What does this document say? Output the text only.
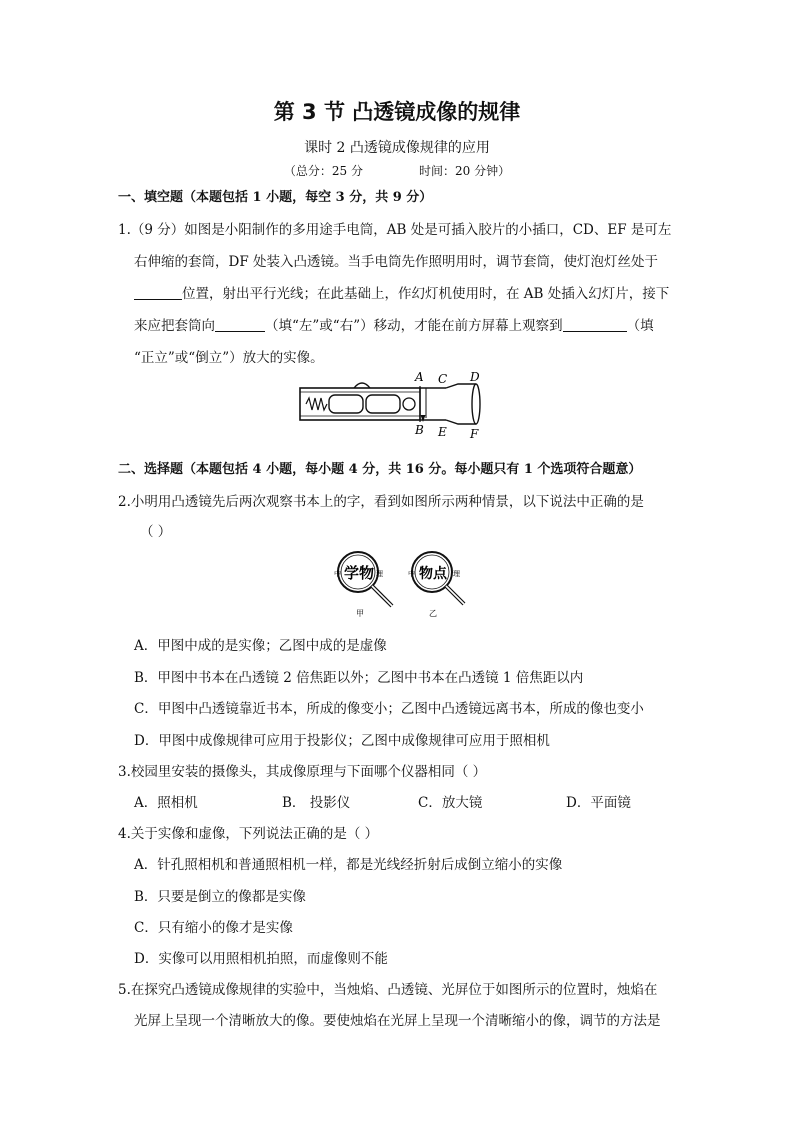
第 3 节 凸透镜成像的规律
课时 2 凸透镜成像规律的应用
（总分：25 分	时间：20 分钟）
一、填空题（本题包括 1 小题，每空 3 分，共 9 分）
1.（9 分）如图是小阳制作的多用途手电筒，AB 处是可插入胶片的小插口，CD、EF 是可左
右伸缩的套筒，DF 处装入凸透镜。当手电筒先作照明用时，调节套筒，使灯泡灯丝处于
位置，射出平行光线；在此基础上，作幻灯机使用时，在 AB 处插入幻灯片，接下
来应把套筒向	（填“左”或“右”）移动，才能在前方屏幕上观察到	（填
“正立”或“倒立”）放大的实像。
A
B
C
E
D
F
二、选择题（本题包括 4 小题，每小题 4 分，共 16 分。每小题只有 1 个选项符合题意）
2.小明用凸透镜先后两次观察书本上的字，看到如图所示两种情景，以下说法中正确的是
（ ）
中 学物 理
甲
中 物点 理
乙
A．甲图中成的是实像；乙图中成的是虚像
B．甲图中书本在凸透镜 2 倍焦距以外；乙图中书本在凸透镜 1 倍焦距以内
C．甲图中凸透镜靠近书本，所成的像变小；乙图中凸透镜远离书本，所成的像也变小
D．甲图中成像规律可应用于投影仪；乙图中成像规律可应用于照相机
3.校园里安装的摄像头，其成像原理与下面哪个仪器相同（ ）
A．照相机	B． 投影仪	C．放大镜	D．平面镜
4.关于实像和虚像，下列说法正确的是（ ）
A．针孔照相机和普通照相机一样，都是光线经折射后成倒立缩小的实像
B．只要是倒立的像都是实像
C．只有缩小的像才是实像
D．实像可以用照相机拍照，而虚像则不能
5.在探究凸透镜成像规律的实验中，当烛焰、凸透镜、光屏位于如图所示的位置时，烛焰在
光屏上呈现一个清晰放大的像。要使烛焰在光屏上呈现一个清晰缩小的像，调节的方法是
